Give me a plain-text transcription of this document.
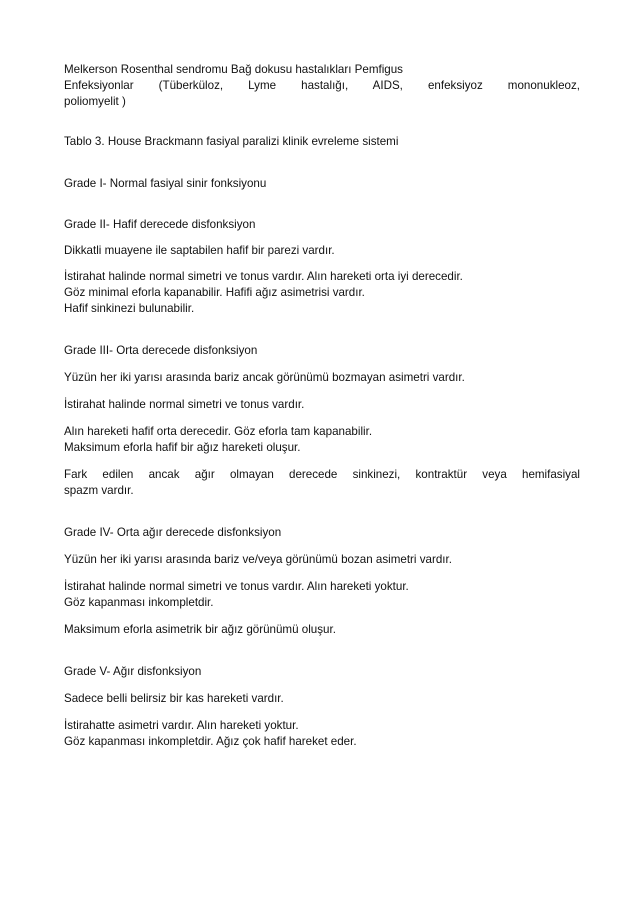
Melkerson Rosenthal sendromu Bağ dokusu hastalıkları Pemfigus
Enfeksiyonlar (Tüberküloz, Lyme hastalığı, AIDS, enfeksiyoz mononukleoz,
poliomyelit )

Tablo 3. House Brackmann fasiyal paralizi klinik evreleme sistemi

Grade I- Normal fasiyal sinir fonksiyonu

Grade II- Hafif derecede disfonksiyon

Dikkatli muayene ile saptabilen hafif bir parezi vardır.

İstirahat halinde normal simetri ve tonus vardır. Alın hareketi orta iyi derecedir.
Göz minimal eforla kapanabilir. Hafifi ağız asimetrisi vardır.
Hafif sinkinezi bulunabilir.

Grade III- Orta derecede disfonksiyon

Yüzün her iki yarısı arasında bariz ancak görünümü bozmayan asimetri vardır.

İstirahat halinde normal simetri ve tonus vardır.

Alın hareketi hafif orta derecedir. Göz eforla tam kapanabilir.
Maksimum eforla hafif bir ağız hareketi oluşur.
Fark edilen ancak ağır olmayan derecede sinkinezi, kontraktür veya hemifasiyal
spazm vardır.

Grade IV- Orta ağır derecede disfonksiyon

Yüzün her iki yarısı arasında bariz ve/veya görünümü bozan asimetri vardır.

İstirahat halinde normal simetri ve tonus vardır. Alın hareketi yoktur.
Göz kapanması inkompletdir.

Maksimum eforla asimetrik bir ağız görünümü oluşur.

Grade V- Ağır disfonksiyon

Sadece belli belirsiz bir kas hareketi vardır.

İstirahatte asimetri vardır. Alın hareketi yoktur.
Göz kapanması inkompletdir. Ağız çok hafif hareket eder.
